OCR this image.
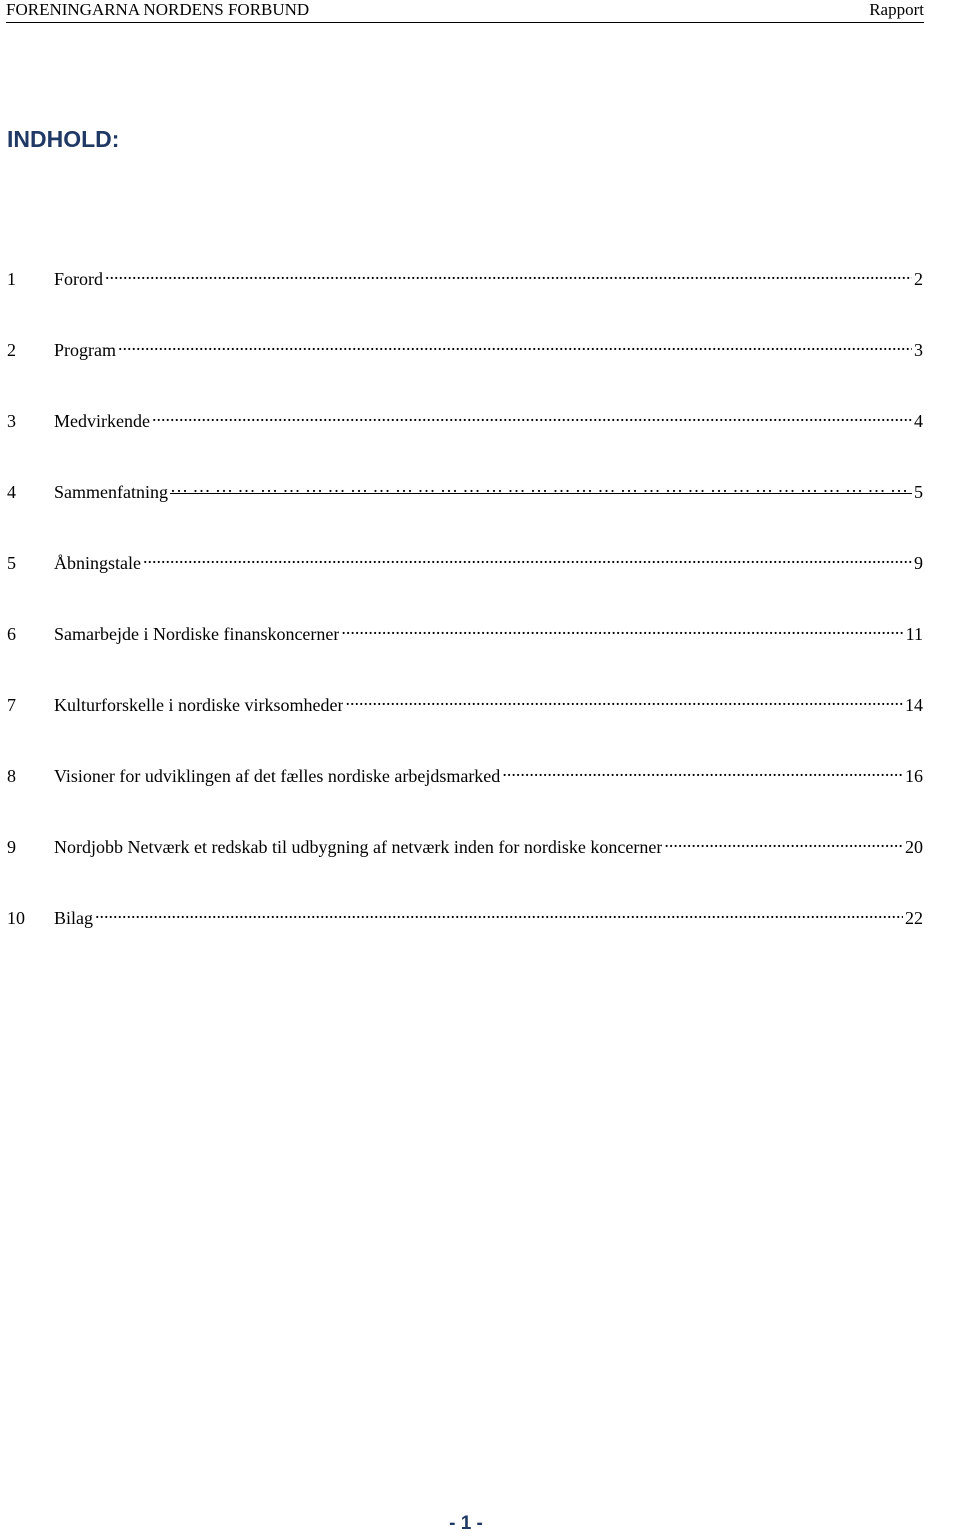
FORENINGARNA NORDENS FORBUND	Rapport
INDHOLD:
1	Forord .....	2
2	Program .....	3
3	Medvirkende .....	4
4	Sammenfatning … … … … … … … … … … … … … … … … … … … … … … … … … … … … … … … … … … … … … … … …	5
5	Åbningstale .....	9
6	Samarbejde i Nordiske finanskoncerner .....	11
7	Kulturforskelle i nordiske virksomheder .....	14
8	Visioner for udviklingen af det fælles nordiske arbejdsmarked .....	16
9	Nordjobb Netværk et redskab til udbygning af netværk inden for nordiske koncerner .....	20
10	Bilag .....	22
- 1 -
